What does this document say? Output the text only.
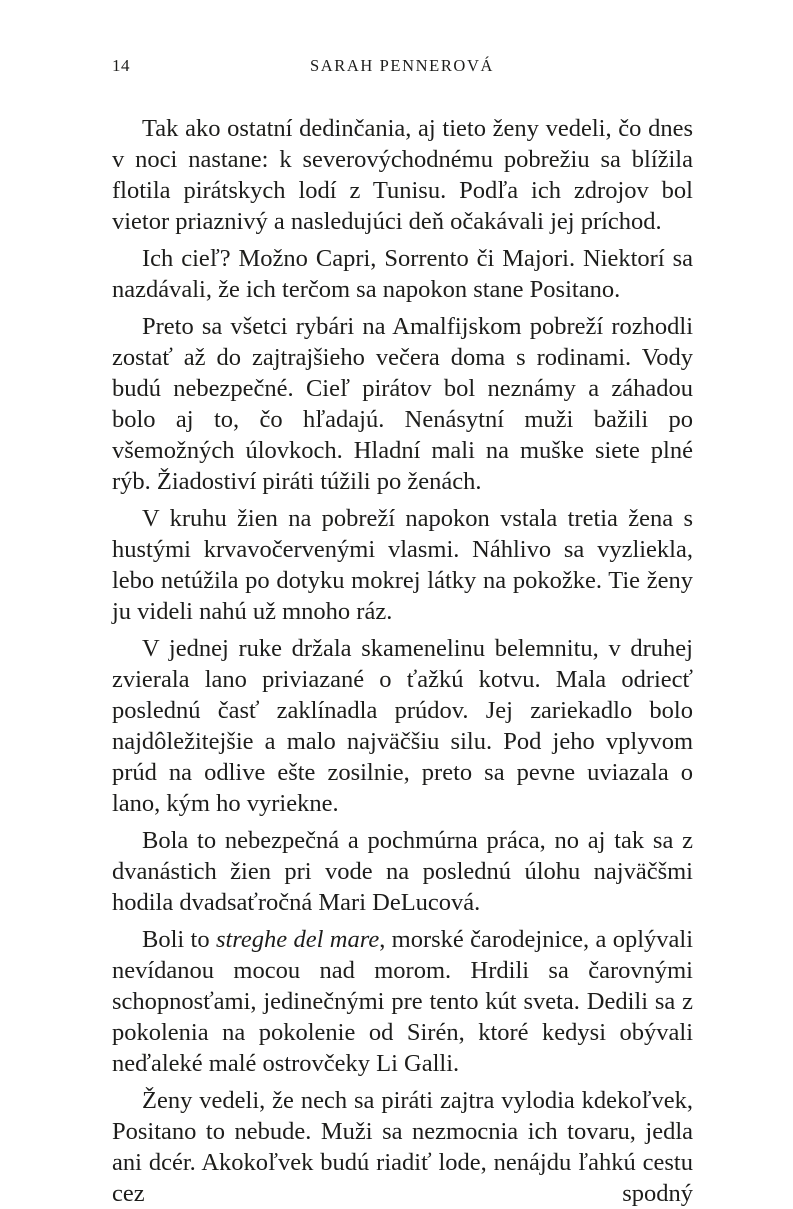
14	SARAH PENNEROVÁ

Tak ako ostatní dedinčania, aj tieto ženy vedeli, čo dnes v noci nastane: k severovýchodnému pobrežiu sa blížila flotila pirátskych lodí z Tunisu. Podľa ich zdrojov bol vietor priaznivý a nasledujúci deň očakávali jej príchod.

Ich cieľ? Možno Capri, Sorrento či Majori. Niektorí sa nazdávali, že ich terčom sa napokon stane Positano.

Preto sa všetci rybári na Amalfijskom pobreží rozhodli zostať až do zajtrajšieho večera doma s rodinami. Vody budú nebezpečné. Cieľ pirátov bol neznámy a záhadou bolo aj to, čo hľadajú. Nenásytní muži bažili po všemožných úlovkoch. Hladní mali na muške siete plné rýb. Žiadostiví piráti túžili po ženách.

V kruhu žien na pobreží napokon vstala tretia žena s hustými krvavočervenými vlasmi. Náhlivo sa vyzliekla, lebo netúžila po dotyku mokrej látky na pokožke. Tie ženy ju videli nahú už mnoho ráz.

V jednej ruke držala skamenelinu belemnitu, v druhej zvierala lano priviazané o ťažkú kotvu. Mala odriecť poslednú časť zaklínadla prúdov. Jej zariekadlo bolo najdôležitejšie a malo najväčšiu silu. Pod jeho vplyvom prúd na odlive ešte zosilnie, preto sa pevne uviazala o lano, kým ho vyriekne.

Bola to nebezpečná a pochmúrna práca, no aj tak sa z dvanástich žien pri vode na poslednú úlohu najväčšmi hodila dvadsaťročná Mari DeLucová.

Boli to streghe del mare, morské čarodejnice, a oplývali nevídanou mocou nad morom. Hrdili sa čarovnými schopnosťami, jedinečnými pre tento kút sveta. Dedili sa z pokolenia na pokolenie od Sirén, ktoré kedysi obývali neďaleké malé ostrovčeky Li Galli.

Ženy vedeli, že nech sa piráti zajtra vylodia kdekoľvek, Positano to nebude. Muži sa nezmocnia ich tovaru, jedla ani dcér. Akokoľvek budú riadiť lode, nenájdu ľahkú cestu cez spodný
